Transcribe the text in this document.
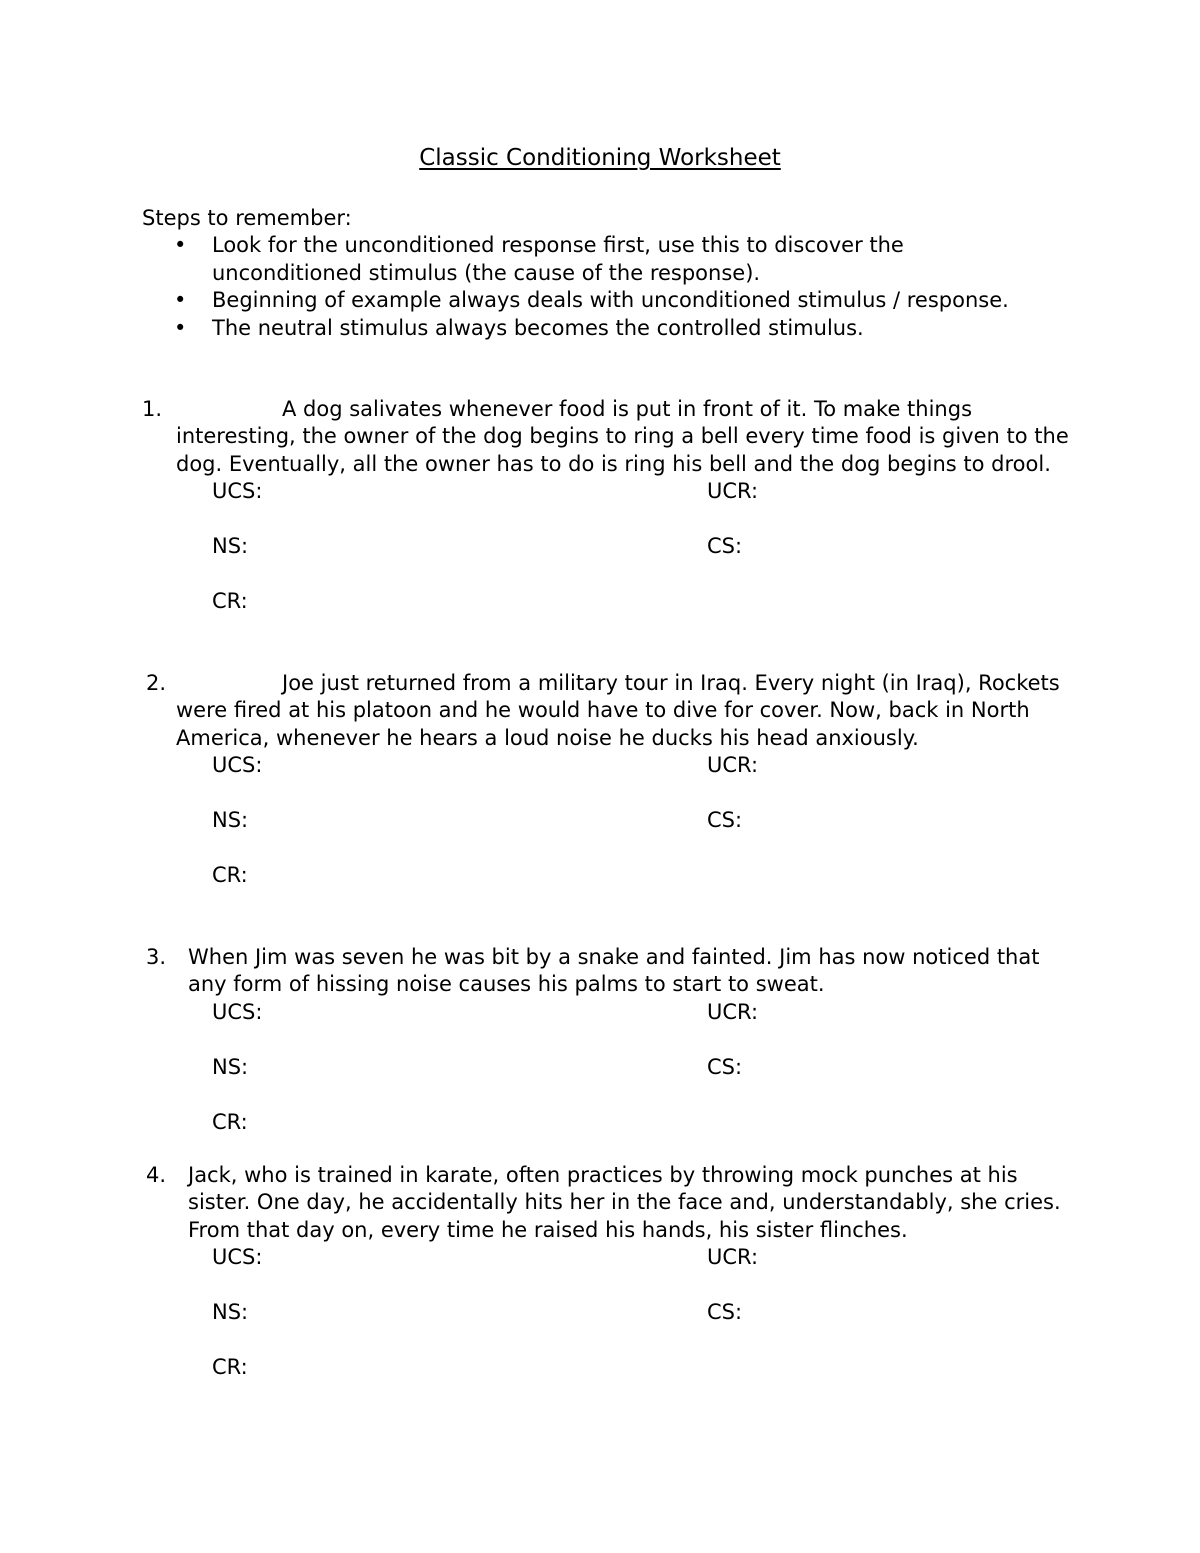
Classic Conditioning Worksheet

Steps to remember:

• Look for the unconditioned response first, use this to discover the unconditioned stimulus (the cause of the response).
• Beginning of example always deals with unconditioned stimulus / response.
• The neutral stimulus always becomes the controlled stimulus.

1.	A dog salivates whenever food is put in front of it. To make things interesting, the owner of the dog begins to ring a bell every time food is given to the dog. Eventually, all the owner has to do is ring his bell and the dog begins to drool.

UCS:	UCR:
NS:	CS:
CR:

2.	Joe just returned from a military tour in Iraq. Every night (in Iraq), Rockets were fired at his platoon and he would have to dive for cover. Now, back in North America, whenever he hears a loud noise he ducks his head anxiously.

UCS:	UCR:
NS:	CS:
CR:

3. When Jim was seven he was bit by a snake and fainted. Jim has now noticed that any form of hissing noise causes his palms to start to sweat.

UCS:	UCR:
NS:	CS:
CR:

4. Jack, who is trained in karate, often practices by throwing mock punches at his sister. One day, he accidentally hits her in the face and, understandably, she cries. From that day on, every time he raised his hands, his sister flinches.

UCS:	UCR:
NS:	CS:
CR:
